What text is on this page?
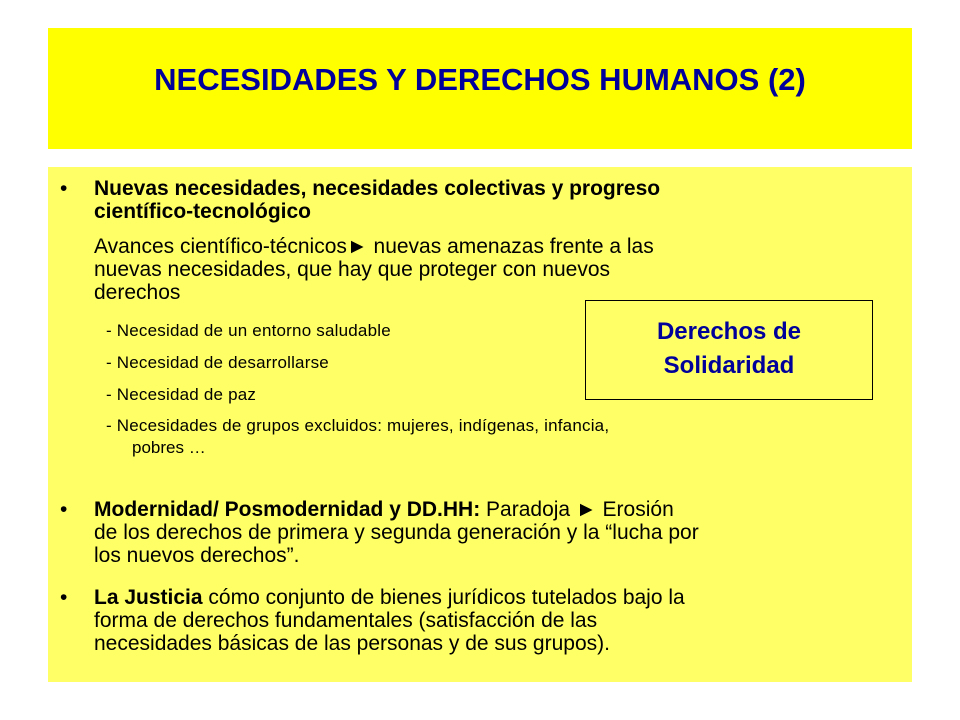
NECESIDADES Y DERECHOS HUMANOS (2)
• Nuevas necesidades, necesidades colectivas y progreso
científico-tecnológico
Avances científico-técnicos► nuevas amenazas frente a las
nuevas necesidades, que hay que proteger con nuevos
derechos
- Necesidad de un entorno saludable
- Necesidad de desarrollarse
- Necesidad de paz
- Necesidades de grupos excluidos: mujeres, indígenas, infancia,
pobres …
Derechos de
Solidaridad
• Modernidad/ Posmodernidad y DD.HH: Paradoja ► Erosión
de los derechos de primera y segunda generación y la “lucha por
los nuevos derechos”.
• La Justicia cómo conjunto de bienes jurídicos tutelados bajo la
forma de derechos fundamentales (satisfacción de las
necesidades básicas de las personas y de sus grupos).
